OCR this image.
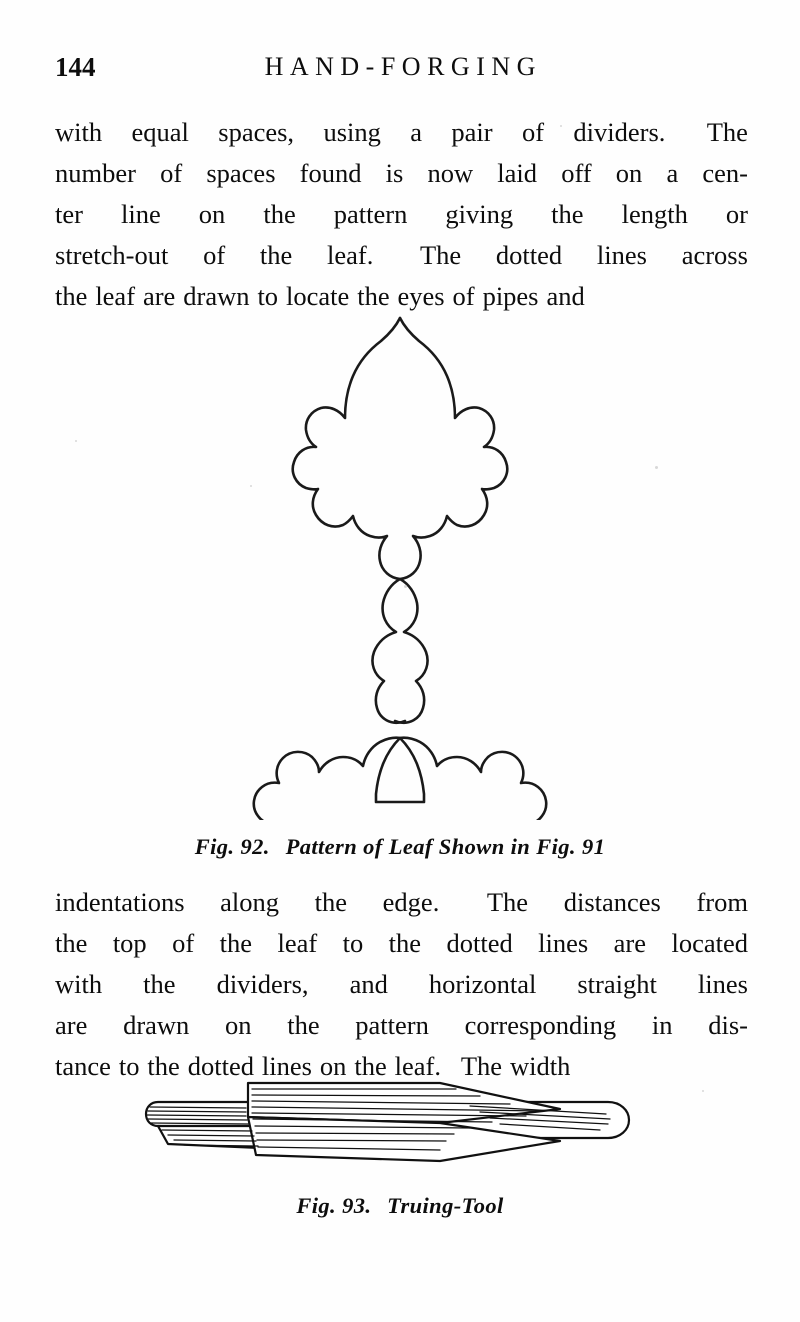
144	HAND-FORGING
with equal spaces, using a pair of dividers. The
number of spaces found is now laid off on a cen-
ter line on the pattern giving the length or
stretch-out of the leaf. The dotted lines across
the leaf are drawn to locate the eyes of pipes and
Fig. 92. Pattern of Leaf Shown in Fig. 91
indentations along the edge. The distances from
the top of the leaf to the dotted lines are located
with the dividers, and horizontal straight lines
are drawn on the pattern corresponding in dis-
tance to the dotted lines on the leaf. The width
Fig. 93. Truing-Tool
